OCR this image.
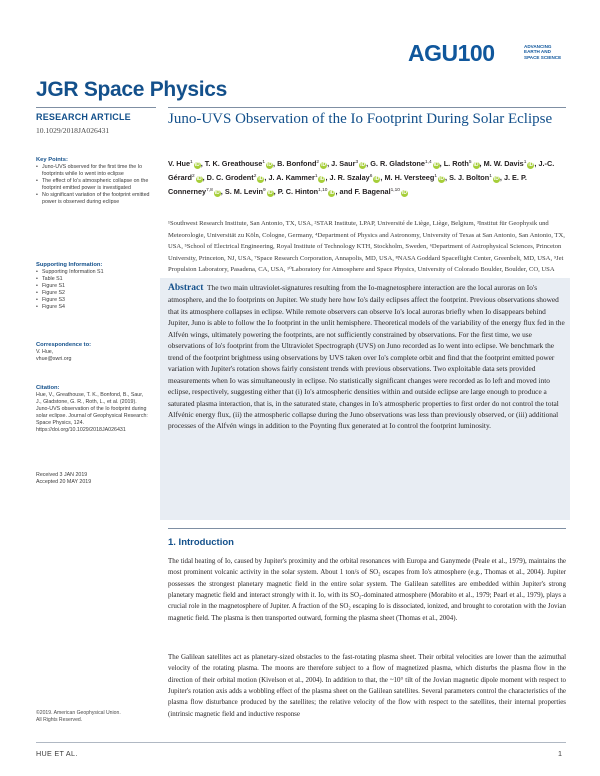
AGU100	ADVANCING
EARTH AND
SPACE SCIENCE
JGR Space Physics
RESEARCH ARTICLE
10.1029/2018JA026431
Juno-UVS Observation of the Io Footprint During Solar Eclipse
Key Points:
• Juno-UVS observed for the first time the Io footprints while Io went into eclipse
• The effect of Io's atmospheric collapse on the footprint emitted power is investigated
• No significant variation of the footprint emitted power is observed during eclipse
Supporting Information:
• Supporting Information S1
• Table S1
• Figure S1
• Figure S2
• Figure S3
• Figure S4
Correspondence to:
V. Hue,
vhue@swri.org
Citation:
Hue, V., Greathouse, T. K., Bonfond, B., Saur, J., Gladstone, G. R., Roth, L., et al. (2019). Juno-UVS observation of the Io footprint during solar eclipse. Journal of Geophysical Research: Space Physics, 124. https://doi.org/10.1029/2018JA026431
Received 3 JAN 2019
Accepted 20 MAY 2019
V. Hue$^1$ iD, T. K. Greathouse$^1$ iD, B. Bonfond$^2$ iD, J. Saur$^3$ iD, G. R. Gladstone$^{1,4}$ iD, L. Roth$^5$ iD, M. W. Davis$^1$ iD, J.-C. Gérard$^2$ iD, D. C. Grodent$^2$ iD, J. A. Kammer$^1$ iD, J. R. Szalay$^6$ iD, M. H. Versteeg$^1$ iD, S. J. Bolton$^1$ iD, J. E. P. Connerney$^{7,8}$ iD, S. M. Levin$^9$ iD, P. C. Hinton$^{1,10}$ iD, and F. Bagenal$^{1,10}$ iD
¹Southwest Research Institute, San Antonio, TX, USA, ²STAR Institute, LPAP, Université de Liège, Liège, Belgium, ³Institut für Geophysik und Meteorologie, Universität zu Köln, Cologne, Germany, ⁴Department of Physics and Astronomy, University of Texas at San Antonio, San Antonio, TX, USA, ⁵School of Electrical Engineering, Royal Institute of Technology KTH, Stockholm, Sweden, ⁶Department of Astrophysical Sciences, Princeton University, Princeton, NJ, USA, ⁷Space Research Corporation, Annapolis, MD, USA, ⁸NASA Goddard Spaceflight Center, Greenbelt, MD, USA, ⁹Jet Propulsion Laboratory, Pasadena, CA, USA, ¹⁰Laboratory for Atmosphere and Space Physics, University of Colorado Boulder, Boulder, CO, USA
Abstract The two main ultraviolet-signatures resulting from the Io-magnetosphere interaction are the local auroras on Io's atmosphere, and the Io footprints on Jupiter. We study here how Io's daily eclipses affect the footprint. Previous observations showed that its atmosphere collapses in eclipse. While remote observers can observe Io's local auroras briefly when Io disappears behind Jupiter, Juno is able to follow the Io footprint in the unlit hemisphere. Theoretical models of the variability of the energy flux fed in the Alfvén wings, ultimately powering the footprints, are not sufficiently constrained by observations. For the first time, we use observations of Io's footprint from the Ultraviolet Spectrograph (UVS) on Juno recorded as Io went into eclipse. We benchmark the trend of the footprint brightness using observations by UVS taken over Io's complete orbit and find that the footprint emitted power variation with Jupiter's rotation shows fairly consistent trends with previous observations. Two exploitable data sets provided measurements when Io was simultaneously in eclipse. No statistically significant changes were recorded as Io left and moved into eclipse, respectively, suggesting either that (i) Io's atmospheric densities within and outside eclipse are large enough to produce a saturated plasma interaction, that is, in the saturated state, changes in Io's atmospheric properties to first order do not control the total Alfvénic energy flux, (ii) the atmospheric collapse during the Juno observations was less than previously observed, or (iii) additional processes of the Alfvén wings in addition to the Poynting flux generated at Io control the footprint luminosity.
1. Introduction
The tidal heating of Io, caused by Jupiter's proximity and the orbital resonances with Europa and Ganymede (Peale et al., 1979), maintains the most prominent volcanic activity in the solar system. About 1 ton/s of SO₂ escapes from Io's atmosphere (e.g., Thomas et al., 2004). Jupiter possesses the strongest planetary magnetic field in the entire solar system. The Galilean satellites are embedded within Jupiter's strong planetary magnetic field and interact strongly with it. Io, with its SO₂-dominated atmosphere (Morabito et al., 1979; Pearl et al., 1979), plays a crucial role in the magnetosphere of Jupiter. A fraction of the SO₂ escaping Io is dissociated, ionized, and brought to corotation with the Jovian magnetic field. The plasma is then transported outward, forming the plasma sheet (Thomas et al., 2004).
The Galilean satellites act as planetary-sized obstacles to the fast-rotating plasma sheet. Their orbital velocities are lower than the azimuthal velocity of the rotating plasma. The moons are therefore subject to a flow of magnetized plasma, which disturbs the plasma flow in the direction of their orbital motion (Kivelson et al., 2004). In addition to that, the ~10° tilt of the Jovian magnetic dipole moment with respect to Jupiter's rotation axis adds a wobbling effect of the plasma sheet on the Galilean satellites. Several parameters control the characteristics of the plasma flow disturbance produced by the satellites; the relative velocity of the flow with respect to the satellites, their internal properties (intrinsic magnetic field and inductive response
©2019. American Geophysical Union.
All Rights Reserved.
HUE ET AL.	1
